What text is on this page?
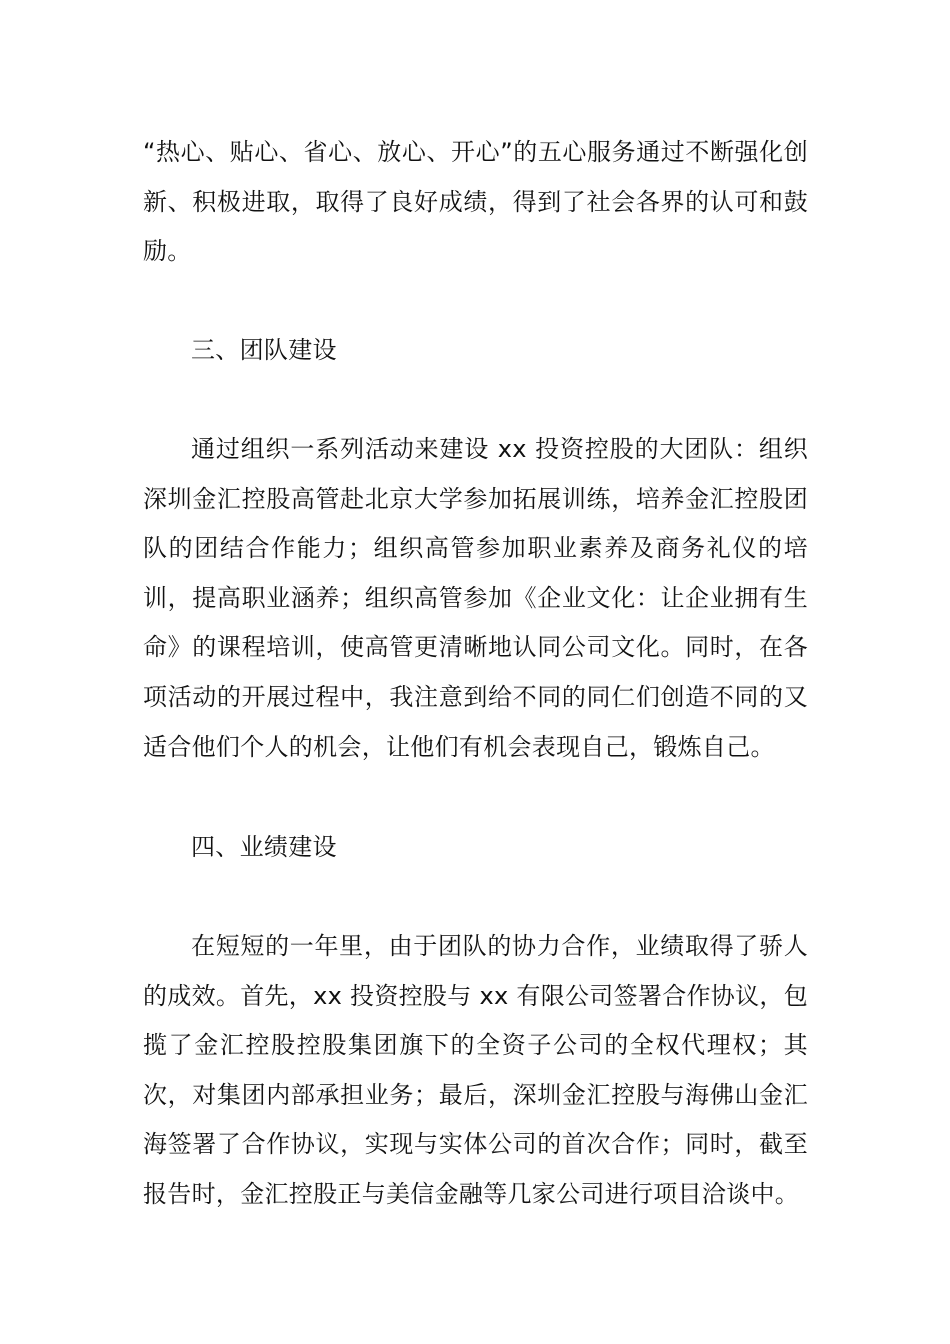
“热心、贴心、省心、放心、开心”的五心服务通过不断强化创新、积极进取，取得了良好成绩，得到了社会各界的认可和鼓励。

三、团队建设

通过组织一系列活动来建设 xx 投资控股的大团队：组织深圳金汇控股高管赴北京大学参加拓展训练，培养金汇控股团队的团结合作能力；组织高管参加职业素养及商务礼仪的培训，提高职业涵养；组织高管参加《企业文化：让企业拥有生命》的课程培训，使高管更清晰地认同公司文化。同时，在各项活动的开展过程中，我注意到给不同的同仁们创造不同的又适合他们个人的机会，让他们有机会表现自己，锻炼自己。

四、业绩建设

在短短的一年里，由于团队的协力合作，业绩取得了骄人的成效。首先，xx 投资控股与 xx 有限公司签署合作协议，包揽了金汇控股控股集团旗下的全资子公司的全权代理权；其次，对集团内部承担业务；最后，深圳金汇控股与海佛山金汇海签署了合作协议，实现与实体公司的首次合作；同时，截至报告时，金汇控股正与美信金融等几家公司进行项目洽谈中。
